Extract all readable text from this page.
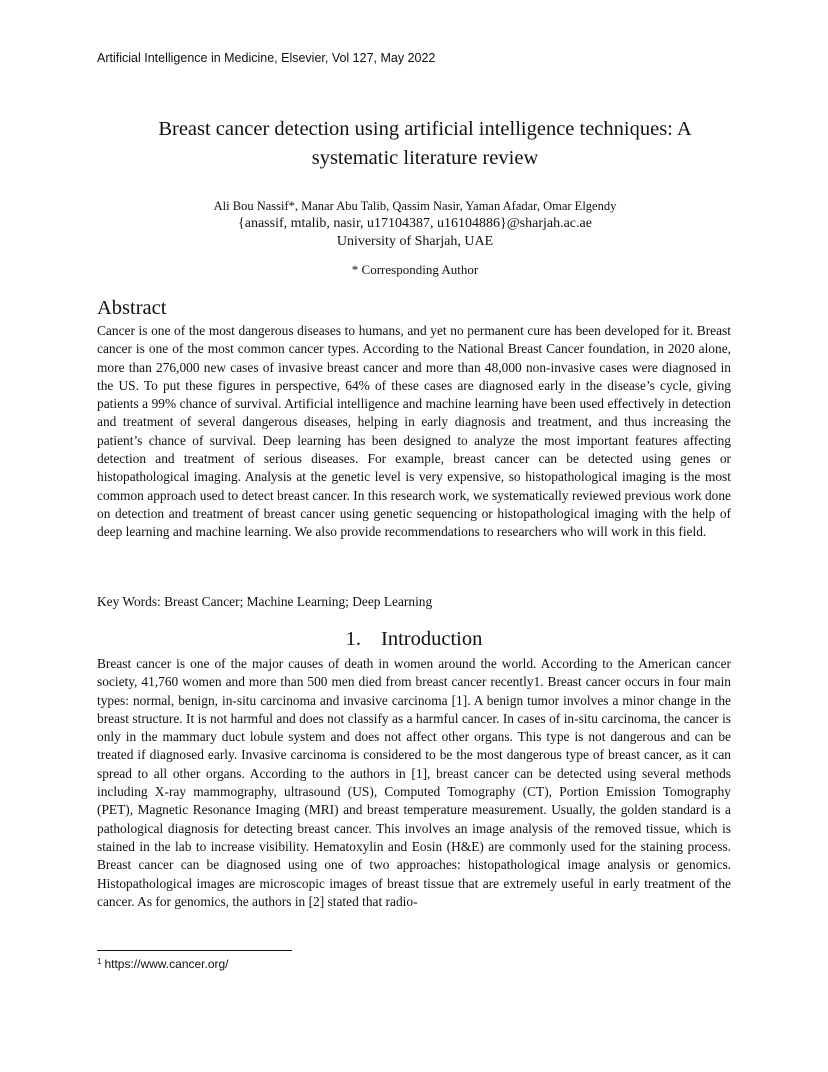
Artificial Intelligence in Medicine, Elsevier, Vol 127, May 2022
Breast cancer detection using artificial intelligence techniques: A systematic literature review
Ali Bou Nassif*, Manar Abu Talib, Qassim Nasir, Yaman Afadar, Omar Elgendy
{anassif, mtalib, nasir, u17104387, u16104886}@sharjah.ac.ae
University of Sharjah, UAE
* Corresponding Author
Abstract
Cancer is one of the most dangerous diseases to humans, and yet no permanent cure has been developed for it. Breast cancer is one of the most common cancer types. According to the National Breast Cancer foundation, in 2020 alone, more than 276,000 new cases of invasive breast cancer and more than 48,000 non-invasive cases were diagnosed in the US. To put these figures in perspective, 64% of these cases are diagnosed early in the disease’s cycle, giving patients a 99% chance of survival. Artificial intelligence and machine learning have been used effectively in detection and treatment of several dangerous diseases, helping in early diagnosis and treatment, and thus increasing the patient’s chance of survival. Deep learning has been designed to analyze the most important features affecting detection and treatment of serious diseases. For example, breast cancer can be detected using genes or histopathological imaging. Analysis at the genetic level is very expensive, so histopathological imaging is the most common approach used to detect breast cancer. In this research work, we systematically reviewed previous work done on detection and treatment of breast cancer using genetic sequencing or histopathological imaging with the help of deep learning and machine learning. We also provide recommendations to researchers who will work in this field.
Key Words: Breast Cancer; Machine Learning; Deep Learning
1. Introduction
Breast cancer is one of the major causes of death in women around the world. According to the American cancer society, 41,760 women and more than 500 men died from breast cancer recently1. Breast cancer occurs in four main types: normal, benign, in-situ carcinoma and invasive carcinoma [1]. A benign tumor involves a minor change in the breast structure. It is not harmful and does not classify as a harmful cancer. In cases of in-situ carcinoma, the cancer is only in the mammary duct lobule system and does not affect other organs. This type is not dangerous and can be treated if diagnosed early. Invasive carcinoma is considered to be the most dangerous type of breast cancer, as it can spread to all other organs. According to the authors in [1], breast cancer can be detected using several methods including X-ray mammography, ultrasound (US), Computed Tomography (CT), Portion Emission Tomography (PET), Magnetic Resonance Imaging (MRI) and breast temperature measurement. Usually, the golden standard is a pathological diagnosis for detecting breast cancer. This involves an image analysis of the removed tissue, which is stained in the lab to increase visibility. Hematoxylin and Eosin (H&E) are commonly used for the staining process. Breast cancer can be diagnosed using one of two approaches: histopathological image analysis or genomics. Histopathological images are microscopic images of breast tissue that are extremely useful in early treatment of the cancer. As for genomics, the authors in [2] stated that radio-
$^1$ https://www.cancer.org/
